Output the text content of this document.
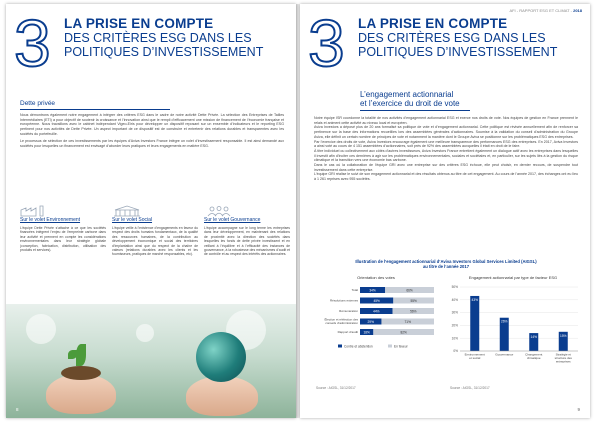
3 LA PRISE EN COMPTE
DES CRITÈRES ESG DANS LES
POLITIQUES D’INVESTISSEMENT
Dette privée
Nous démontrons également notre engagement à intégrer des critères ESG dans le cadre de notre activité Dette Privée. La sélection des Entreprises de Tailles Intermédiaires (ETI) a pour objectif de soutenir la croissance et l’innovation ainsi que le rempli d’efficacement une mission de financement de l’économie française et européenne. Nous travaillons avec le cabinet indépendant Vigeo-Eiris pour développer un dispositif reposant sur un ensemble d’indicateurs et le reporting ESG pertinent pour nos activités de Dette Privée. Un aspect important de ce dispositif est de construire et entretenir des relations durables et transparentes avec les sociétés du portefeuille.
Le processus de sélection de ces investissements par les équipes d’Aviva Investors France intègre un volet d’investissement responsable. Il est ainsi demandé aux sociétés pour lesquelles un financement est envisagé d’aborder leurs pratiques et leurs engagements en matière ESG.
Sur le volet Environnement
L’équipe Dette Privée s’attache à ce que les sociétés financées intègrent l’enjeu de l’empreinte carbone dans leur activité et prennent en compte les considérations environnementales dans leur stratégie globale (conception, fabrication, distribution, utilisation des produits et services).
Sur le volet Social
L’équipe veille à l’existence d’engagements en faveur du respect des droits humains fondamentaux, de la qualité des ressources humaines, de la contribution au développement économique et social des territoires d’implantation ainsi que du respect de la chaîne de valeurs (relations durables avec les clients et les fournisseurs, pratiques de marché responsables, etc).
Sur le volet Gouvernance
L’équipe accompagne sur le long terme les entreprises dans leur développement, en maintenant des relations de proximité avec la direction des sociétés dans lesquelles les fonds de dette privée investissent et en veillant à l’équilibre et à l’efficacité des instances de gouvernance, à la robustesse des mécanismes d’audit et de contrôle et au respect des intérêts des actionnaires.
8
AFI - RAPPORT ESG ET CLIMAT - 2018
3 LA PRISE EN COMPTE
DES CRITÈRES ESG DANS LES
POLITIQUES D’INVESTISSEMENT
L’engagement actionnarial
et l’exercice du droit de vote
Notre équipe ISR coordonne la totalité de nos activités d’engagement actionnarial ESG et exerce nos droits de vote. Nos équipes de gestion en France prennent le relais et animent cette activité au niveau local et européen.
Aviva Investors a déposé plus de 20 ans formalisé sa politique de vote et d’engagement actionnarial. Cette politique est révisée annuellement afin de renforcer sa pertinence sur la base des informations recueillies lors des assemblées générales d’actionnaires. Soumise à la validation du conseil d’administration du Groupe Aviva, elle définit un certain nombre de principes de vote et notamment la manière dont le Groupe Aviva se positionne sur les problématiques ESG des entreprises.
Par l’exercice des droits de vote, Aviva Investors encourage également une meilleure transparence des performances ESG des entreprises. En 2017, Aviva Investors a ainsi voté au cours de 4 151 assemblées d’actionnaires, soit près de 92% des assemblées auxquelles il était en droit de le faire.
À titre individuel ou collectivement aux côtés d’autres investisseurs, Aviva Investors France entretient également un dialogue actif avec les entreprises dans lesquelles il investit afin d’inciter ces dernières à agir sur les problématiques environnementales, sociales et sociétales et, en particulier, sur les sujets liés à la gestion du risque climatique et la transition vers une économie bas carbone.
Dans le cas où la collaboration de l’équipe GRI avec une entreprise sur des critères ESG échoue, elle peut choisir, en dernier recours, de suspendre tout investissement dans cette entreprise.
L’équipe GRI réalise le suivi de son engagement actionnarial et des résultats obtenus au titre de cet engagement. Au cours de l’année 2017, des échanges ont eu lieu à 1 261 reprises avec 955 sociétés.
Illustration de l’engagement actionnarial d’Aviva Investors Global Services Limited (AIGSL)
au titre de l’année 2017
Orientation des votes	Engagement actionnarial par type de facteur ESG
Total	34%	66%
Résolutions externes	45%	55%
Rémunération	44%	56%
Élection et réélection des conseils d’administration	29%	71%
Rapport d’audit 18%	82%
Contre et abstention	En faveur
0%
10%
20%
30%
40%
50%
43%
Environnement et social
26%
Gouvernance
14%
Changement climatique
15%
Stratégie et structure des entreprises
Source : AIGSL, 31/12/2017	Source : AIGSL, 31/12/2017
9
